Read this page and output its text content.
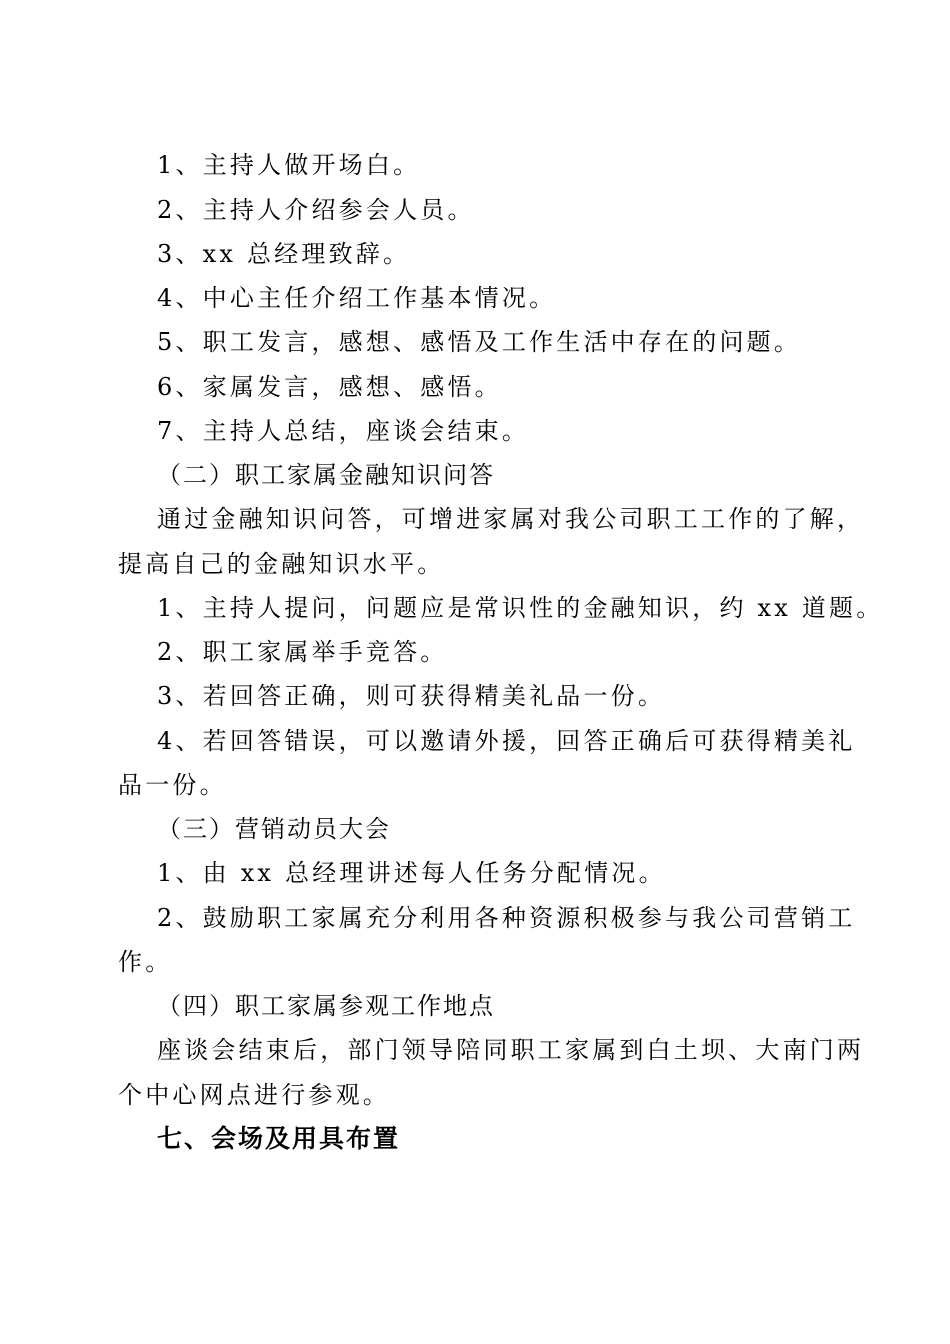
1、主持人做开场白。
2、主持人介绍参会人员。
3、xx 总经理致辞。
4、中心主任介绍工作基本情况。
5、职工发言，感想、感悟及工作生活中存在的问题。
6、家属发言，感想、感悟。
7、主持人总结，座谈会结束。
（二）职工家属金融知识问答
通过金融知识问答，可增进家属对我公司职工工作的了解，
提高自己的金融知识水平。
1、主持人提问，问题应是常识性的金融知识，约 xx 道题。
2、职工家属举手竞答。
3、若回答正确，则可获得精美礼品一份。
4、若回答错误，可以邀请外援，回答正确后可获得精美礼
品一份。
（三）营销动员大会
1、由 xx 总经理讲述每人任务分配情况。
2、鼓励职工家属充分利用各种资源积极参与我公司营销工
作。
（四）职工家属参观工作地点
座谈会结束后，部门领导陪同职工家属到白土坝、大南门两
个中心网点进行参观。
七、会场及用具布置
